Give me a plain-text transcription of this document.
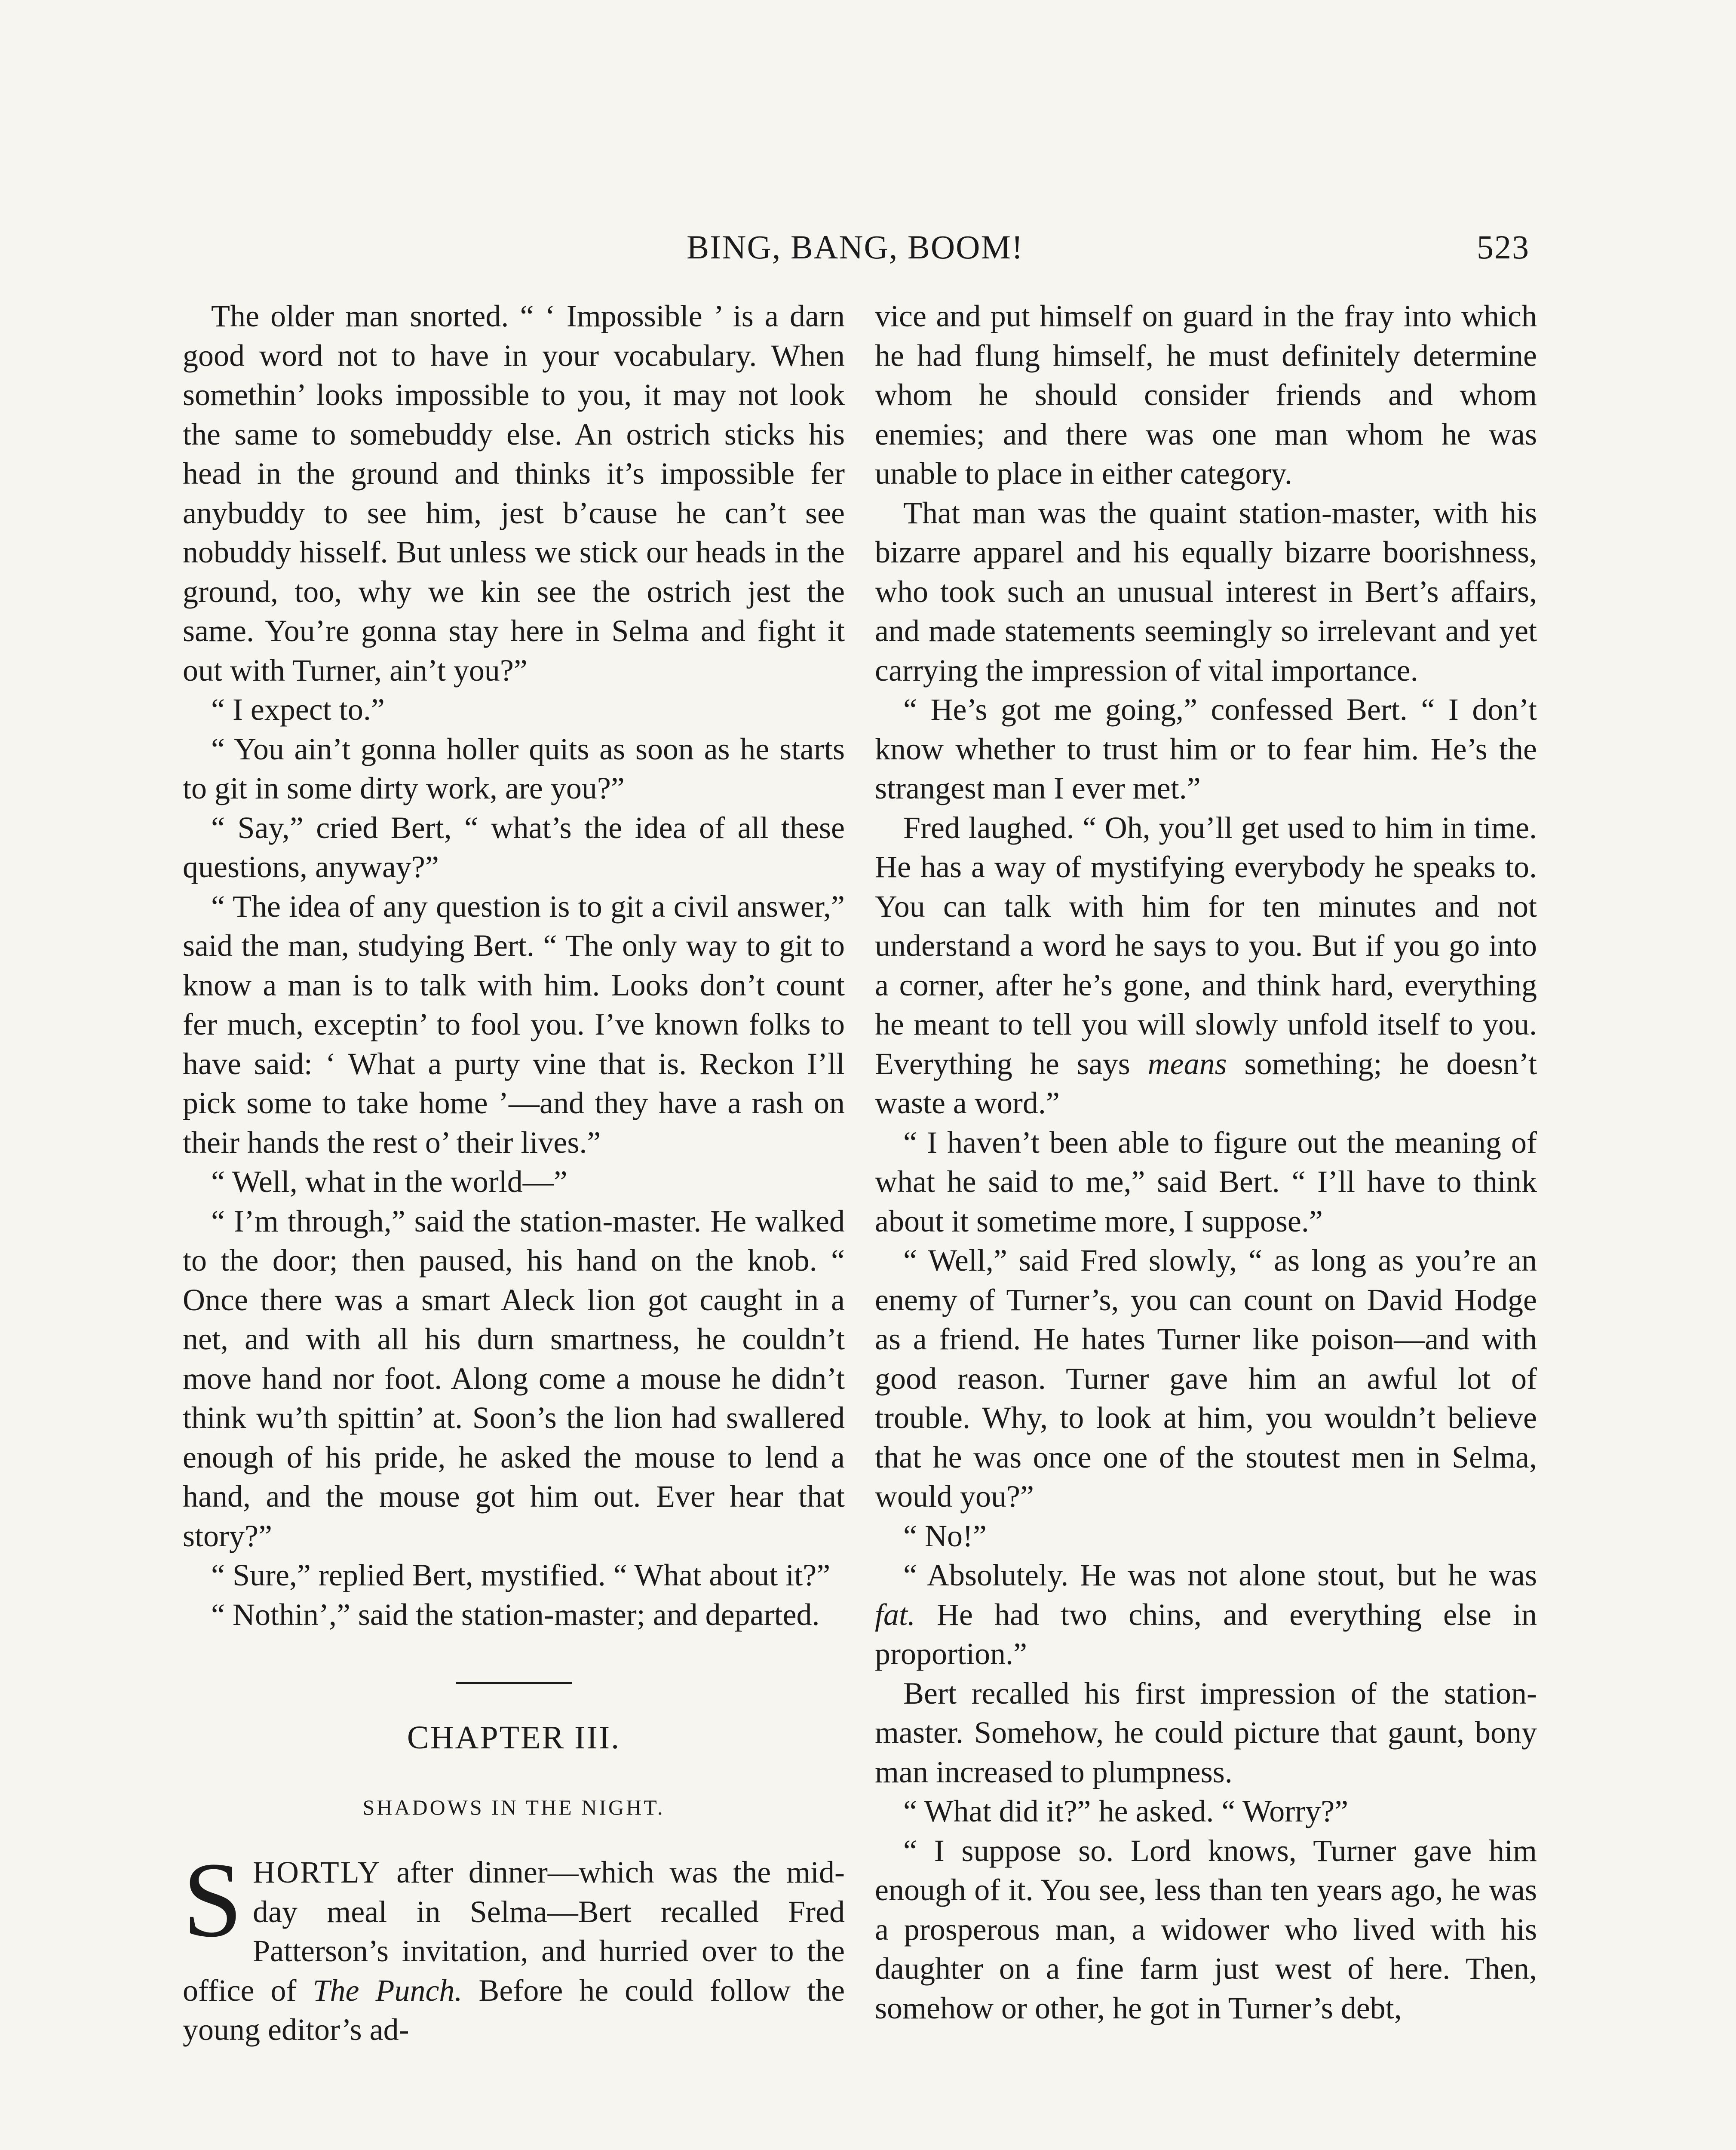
BING, BANG, BOOM!	523

The older man snorted. “ ‘ Impossible ’ is a darn good word not to have in your vocabulary. When somethin’ looks impossible to you, it may not look the same to somebuddy else. An ostrich sticks his head in the ground and thinks it’s impossible fer anybuddy to see him, jest b’cause he can’t see nobuddy hisself. But unless we stick our heads in the ground, too, why we kin see the ostrich jest the same. You’re gonna stay here in Selma and fight it out with Turner, ain’t you?”

“ I expect to.”

“ You ain’t gonna holler quits as soon as he starts to git in some dirty work, are you?”

“ Say,” cried Bert, “ what’s the idea of all these questions, anyway?”

“ The idea of any question is to git a civil answer,” said the man, studying Bert. “ The only way to git to know a man is to talk with him. Looks don’t count fer much, exceptin’ to fool you. I’ve known folks to have said: ‘ What a purty vine that is. Reckon I’ll pick some to take home ’—and they have a rash on their hands the rest o’ their lives.”

“ Well, what in the world—”

“ I’m through,” said the station-master. He walked to the door; then paused, his hand on the knob. “ Once there was a smart Aleck lion got caught in a net, and with all his durn smartness, he couldn’t move hand nor foot. Along come a mouse he didn’t think wu’th spittin’ at. Soon’s the lion had swallered enough of his pride, he asked the mouse to lend a hand, and the mouse got him out. Ever hear that story?”

“ Sure,” replied Bert, mystified. “ What about it?”

“ Nothin’,” said the station-master; and departed.

CHAPTER III.
SHADOWS IN THE NIGHT.

SHORTLY after dinner—which was the mid-day meal in Selma—Bert recalled Fred Patterson’s invitation, and hurried over to the office of The Punch. Before he could follow the young editor’s ad-

vice and put himself on guard in the fray into which he had flung himself, he must definitely determine whom he should consider friends and whom enemies; and there was one man whom he was unable to place in either category.

That man was the quaint station-master, with his bizarre apparel and his equally bizarre boorishness, who took such an unusual interest in Bert’s affairs, and made statements seemingly so irrelevant and yet carrying the impression of vital importance.

“ He’s got me going,” confessed Bert. “ I don’t know whether to trust him or to fear him. He’s the strangest man I ever met.”

Fred laughed. “ Oh, you’ll get used to him in time. He has a way of mystifying everybody he speaks to. You can talk with him for ten minutes and not understand a word he says to you. But if you go into a corner, after he’s gone, and think hard, everything he meant to tell you will slowly unfold itself to you. Everything he says means something; he doesn’t waste a word.”

“ I haven’t been able to figure out the meaning of what he said to me,” said Bert. “ I’ll have to think about it sometime more, I suppose.”

“ Well,” said Fred slowly, “ as long as you’re an enemy of Turner’s, you can count on David Hodge as a friend. He hates Turner like poison—and with good reason. Turner gave him an awful lot of trouble. Why, to look at him, you wouldn’t believe that he was once one of the stoutest men in Selma, would you?”

“ No!”

“ Absolutely. He was not alone stout, but he was fat. He had two chins, and everything else in proportion.”

Bert recalled his first impression of the station-master. Somehow, he could picture that gaunt, bony man increased to plumpness.

“ What did it?” he asked. “ Worry?”

“ I suppose so. Lord knows, Turner gave him enough of it. You see, less than ten years ago, he was a prosperous man, a widower who lived with his daughter on a fine farm just west of here. Then, somehow or other, he got in Turner’s debt,
